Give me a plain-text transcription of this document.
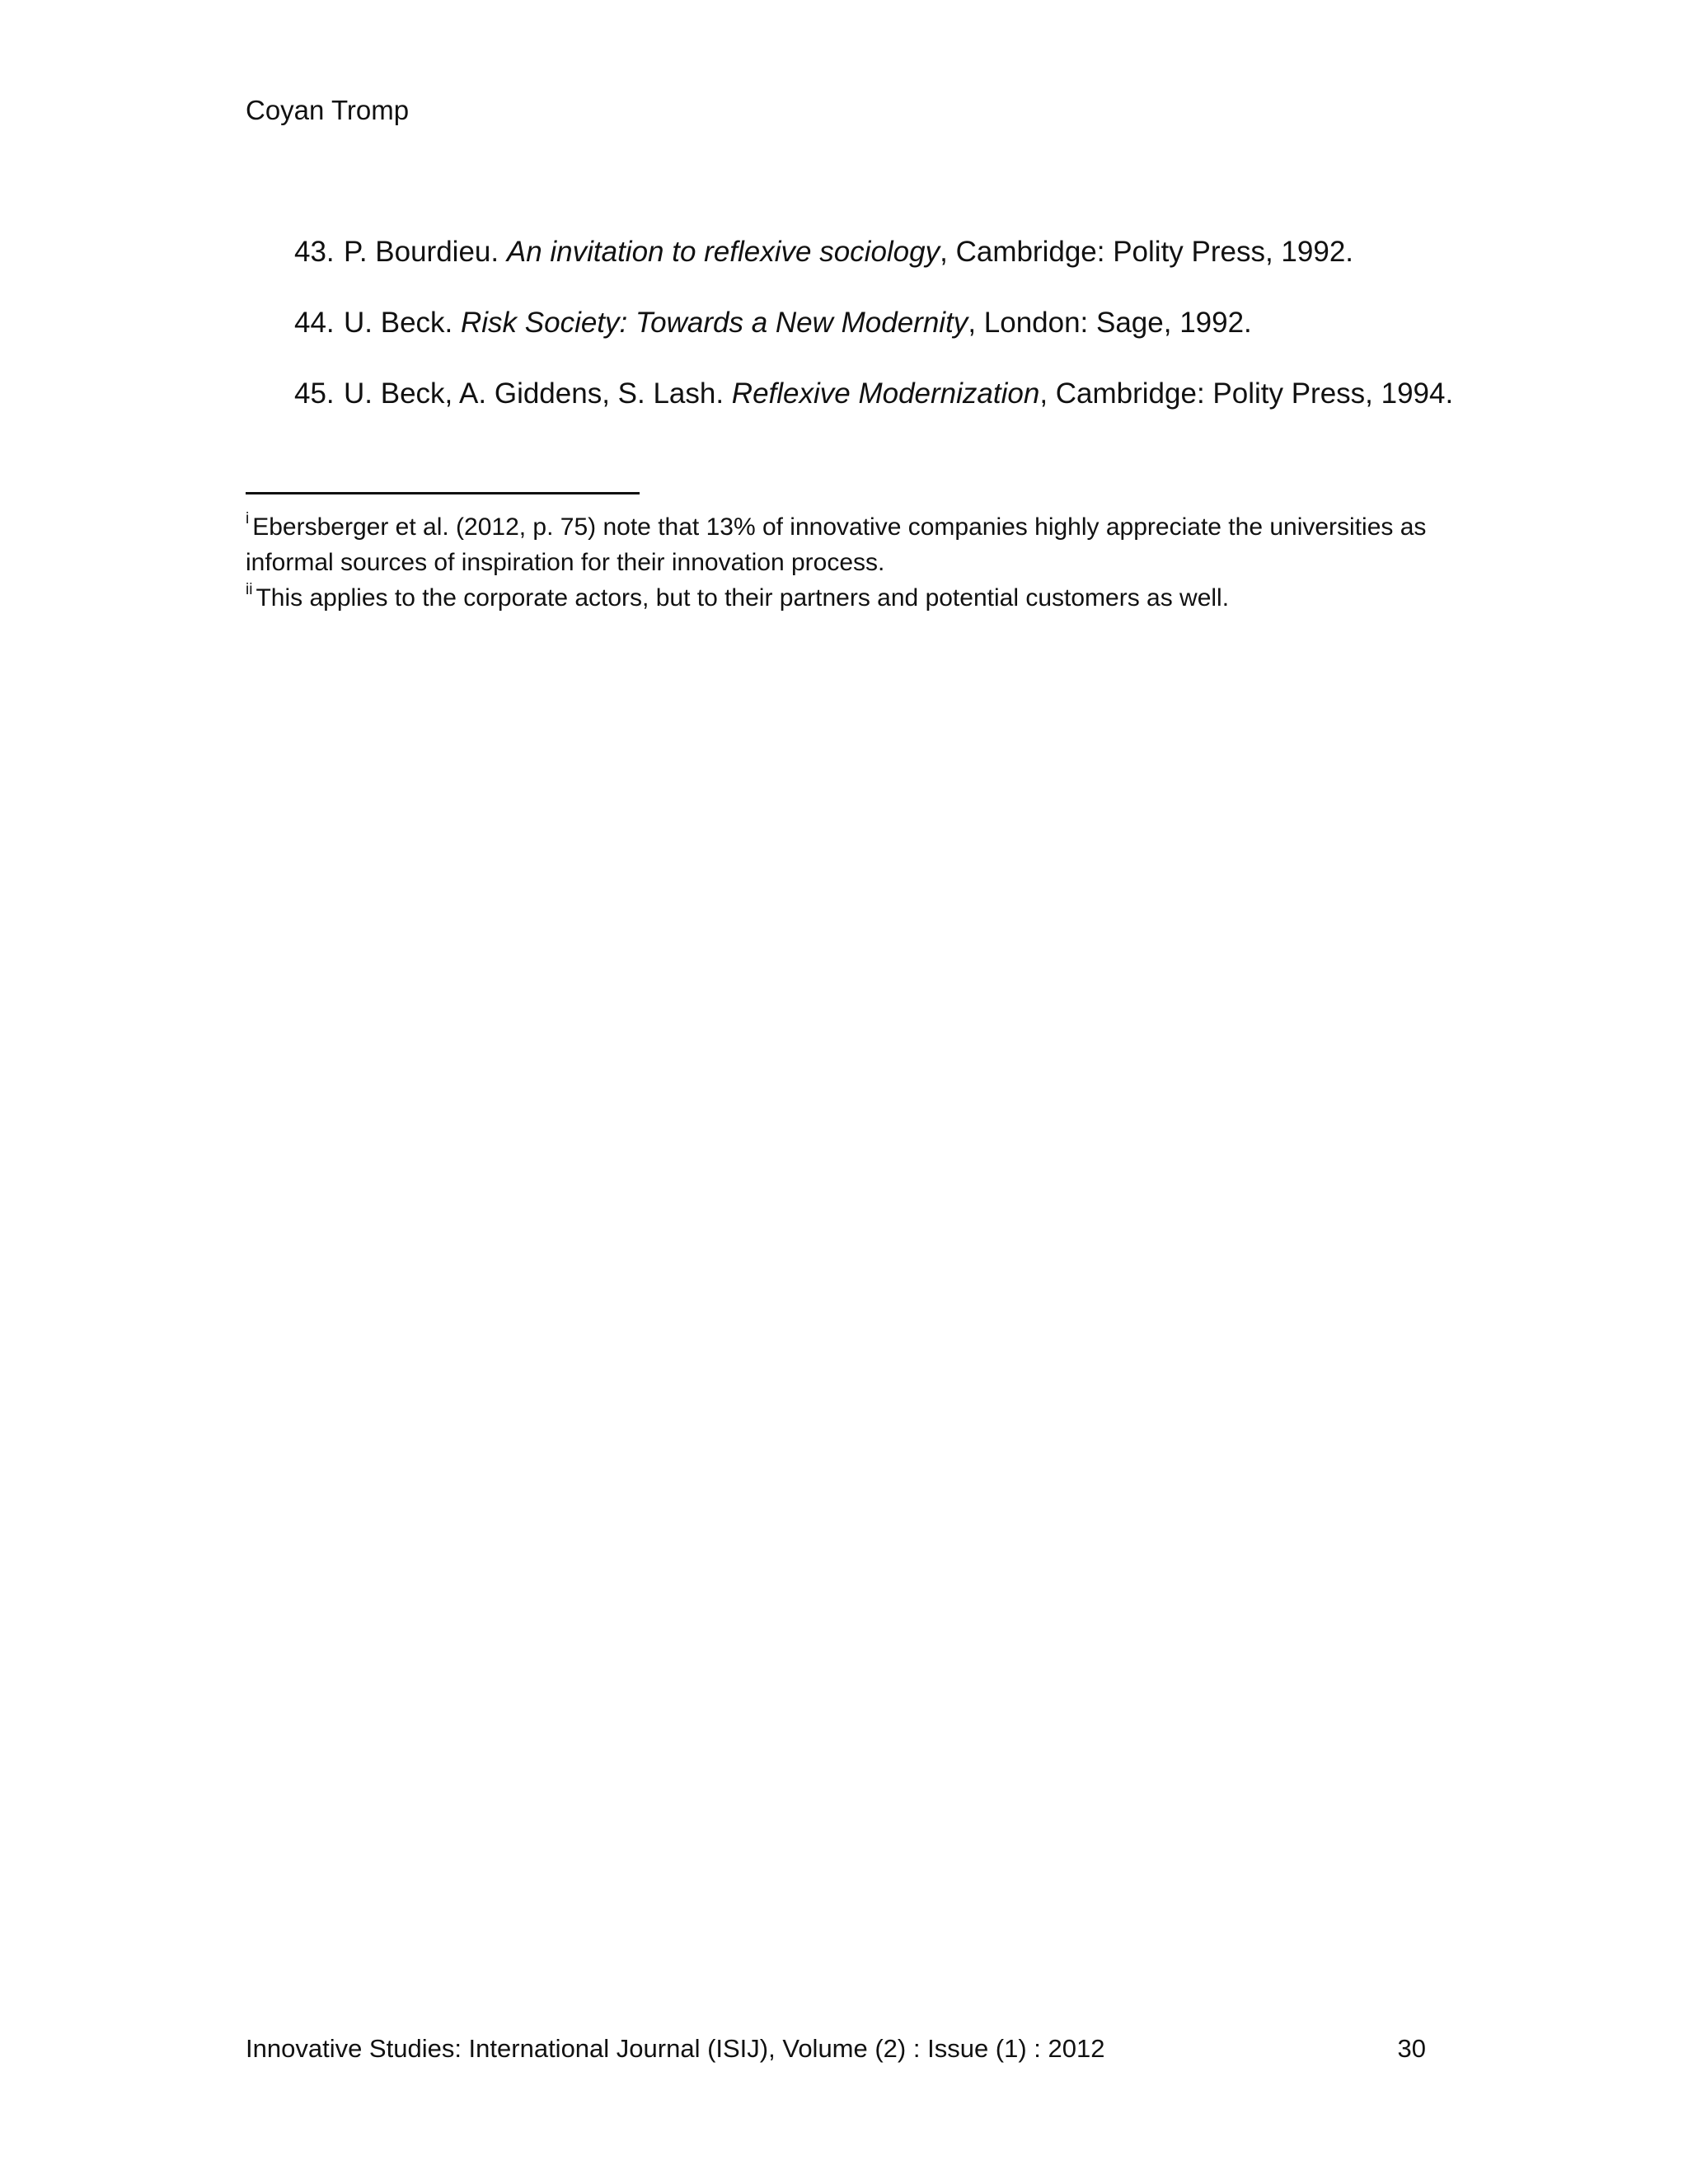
Coyan Tromp
43. P. Bourdieu. An invitation to reflexive sociology, Cambridge: Polity Press, 1992.
44. U. Beck. Risk Society: Towards a New Modernity, London: Sage, 1992.
45. U. Beck, A. Giddens, S. Lash. Reflexive Modernization, Cambridge: Polity Press, 1994.

$^i$ Ebersberger et al. (2012, p. 75) note that 13% of innovative companies highly appreciate the universities as informal sources of inspiration for their innovation process.

$^{ii}$ This applies to the corporate actors, but to their partners and potential customers as well.

Innovative Studies: International Journal (ISIJ), Volume (2) : Issue (1) : 2012	30
